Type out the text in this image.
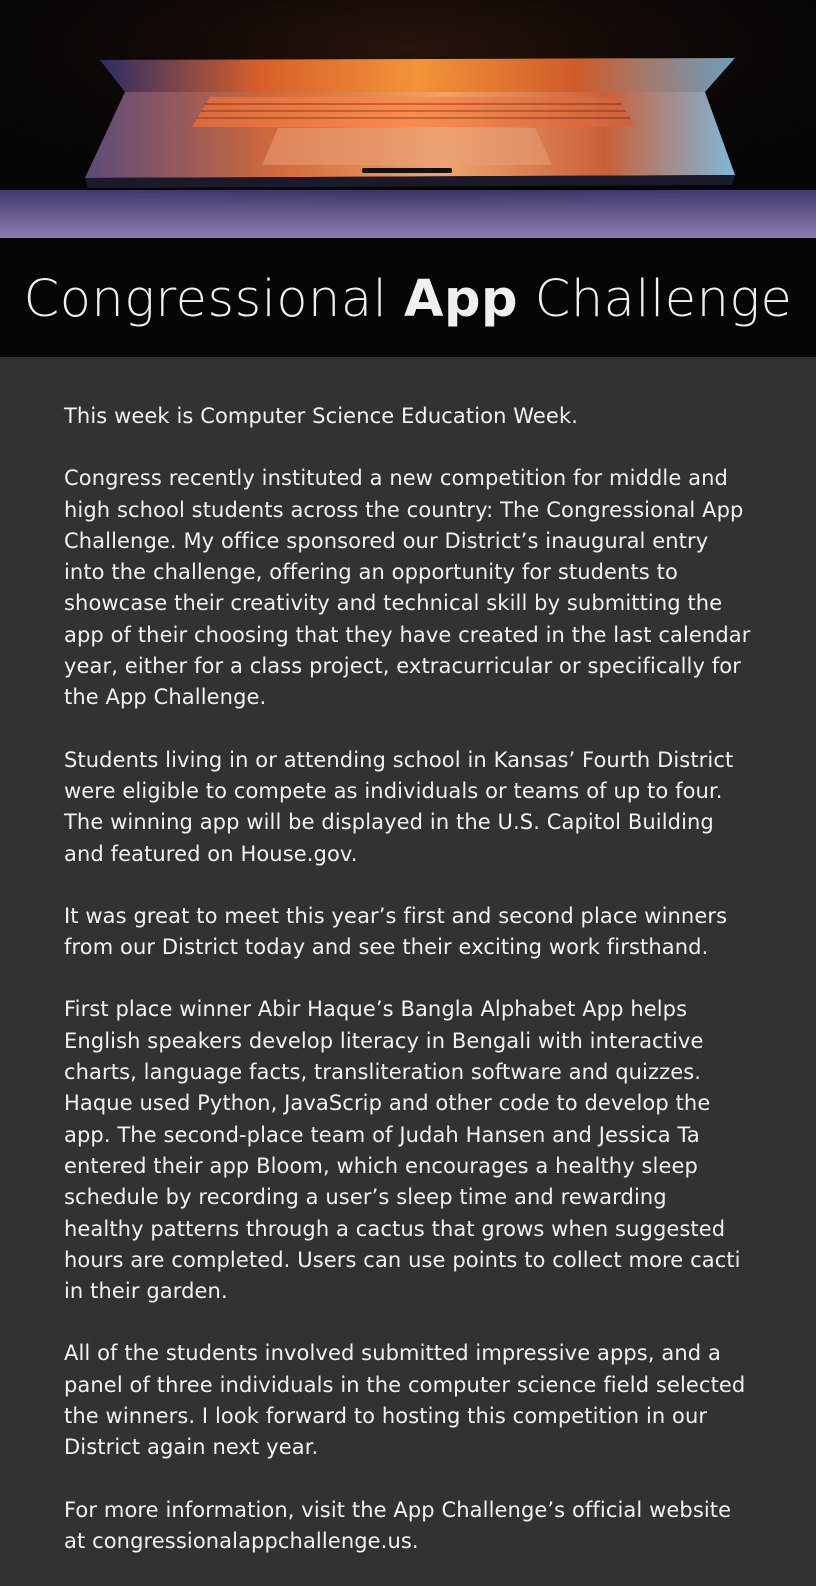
Congressional App Challenge

This week is Computer Science Education Week.

Congress recently instituted a new competition for middle and high school students across the country: The Congressional App Challenge. My office sponsored our District’s inaugural entry into the challenge, offering an opportunity for students to showcase their creativity and technical skill by submitting the app of their choosing that they have created in the last calendar year, either for a class project, extracurricular or specifically for the App Challenge.

Students living in or attending school in Kansas’ Fourth District were eligible to compete as individuals or teams of up to four. The winning app will be displayed in the U.S. Capitol Building and featured on House.gov.

It was great to meet this year’s first and second place winners from our District today and see their exciting work firsthand.

First place winner Abir Haque’s Bangla Alphabet App helps English speakers develop literacy in Bengali with interactive charts, language facts, transliteration software and quizzes. Haque used Python, JavaScrip and other code to develop the app. The second-place team of Judah Hansen and Jessica Ta entered their app Bloom, which encourages a healthy sleep schedule by recording a user’s sleep time and rewarding healthy patterns through a cactus that grows when suggested hours are completed. Users can use points to collect more cacti in their garden.

All of the students involved submitted impressive apps, and a panel of three individuals in the computer science field selected the winners. I look forward to hosting this competition in our District again next year.

For more information, visit the App Challenge’s official website at congressionalappchallenge.us.
